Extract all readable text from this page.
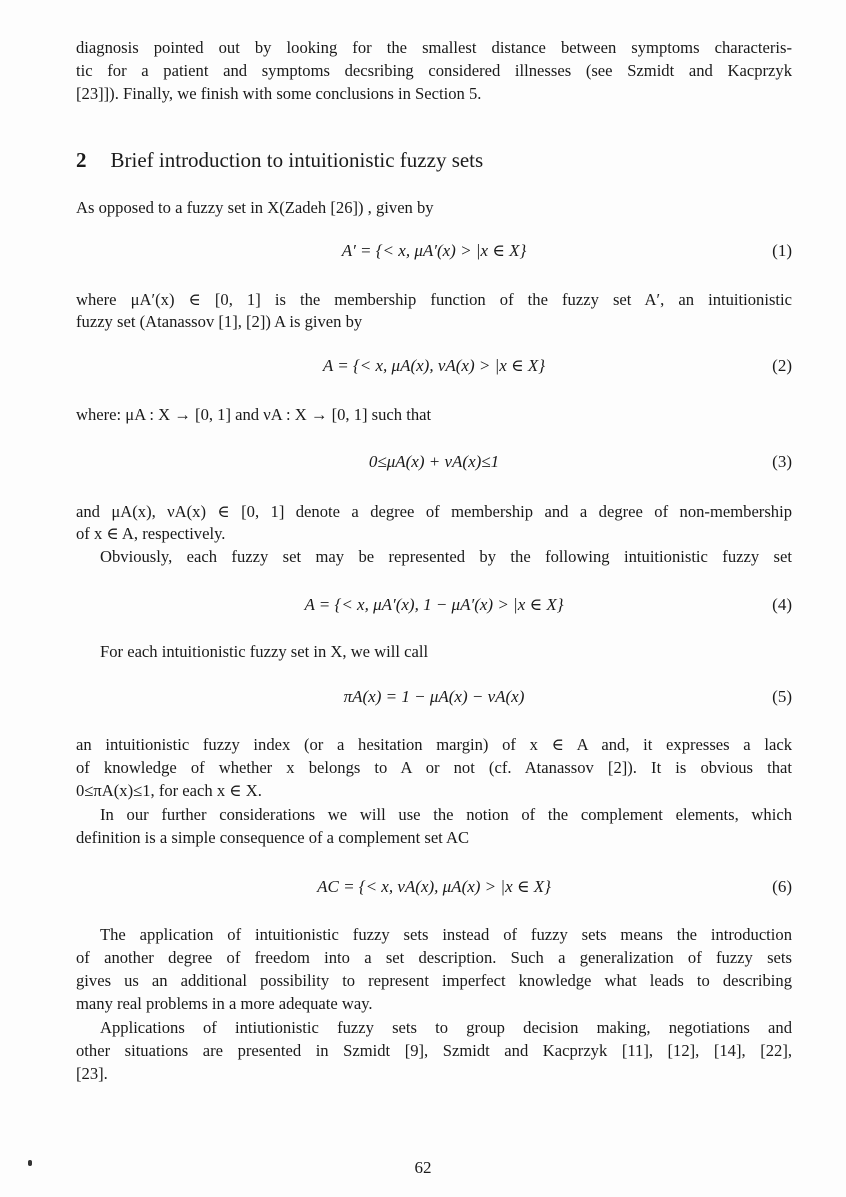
diagnosis pointed out by looking for the smallest distance between symptoms characteris-
tic for a patient and symptoms decsribing considered illnesses (see Szmidt and Kacprzyk
[23]]). Finally, we finish with some conclusions in Section 5.
2 Brief introduction to intuitionistic fuzzy sets
As opposed to a fuzzy set in X(Zadeh [26]) , given by
A′ = {< x, μA′(x) > |x ∈ X}	(1)
where μA′(x) ∈ [0, 1] is the membership function of the fuzzy set A′, an intuitionistic
fuzzy set (Atanassov [1], [2]) A is given by
A = {< x, μA(x), νA(x) > |x ∈ X}	(2)
where: μA : X → [0, 1] and νA : X → [0, 1] such that
0≤μA(x) + νA(x)≤1	(3)
and μA(x), νA(x) ∈ [0, 1] denote a degree of membership and a degree of non-membership
of x ∈ A, respectively.
Obviously, each fuzzy set may be represented by the following intuitionistic fuzzy set
A = {< x, μA′(x), 1 − μA′(x) > |x ∈ X}	(4)
For each intuitionistic fuzzy set in X, we will call
πA(x) = 1 − μA(x) − νA(x)	(5)
an intuitionistic fuzzy index (or a hesitation margin) of x ∈ A and, it expresses a lack
of knowledge of whether x belongs to A or not (cf. Atanassov [2]). It is obvious that
0≤πA(x)≤1, for each x ∈ X.
In our further considerations we will use the notion of the complement elements, which
definition is a simple consequence of a complement set AC
AC = {< x, νA(x), μA(x) > |x ∈ X}	(6)
The application of intuitionistic fuzzy sets instead of fuzzy sets means the introduction
of another degree of freedom into a set description. Such a generalization of fuzzy sets
gives us an additional possibility to represent imperfect knowledge what leads to describing
many real problems in a more adequate way.
Applications of intiutionistic fuzzy sets to group decision making, negotiations and
other situations are presented in Szmidt [9], Szmidt and Kacprzyk [11], [12], [14], [22],
[23].
62
